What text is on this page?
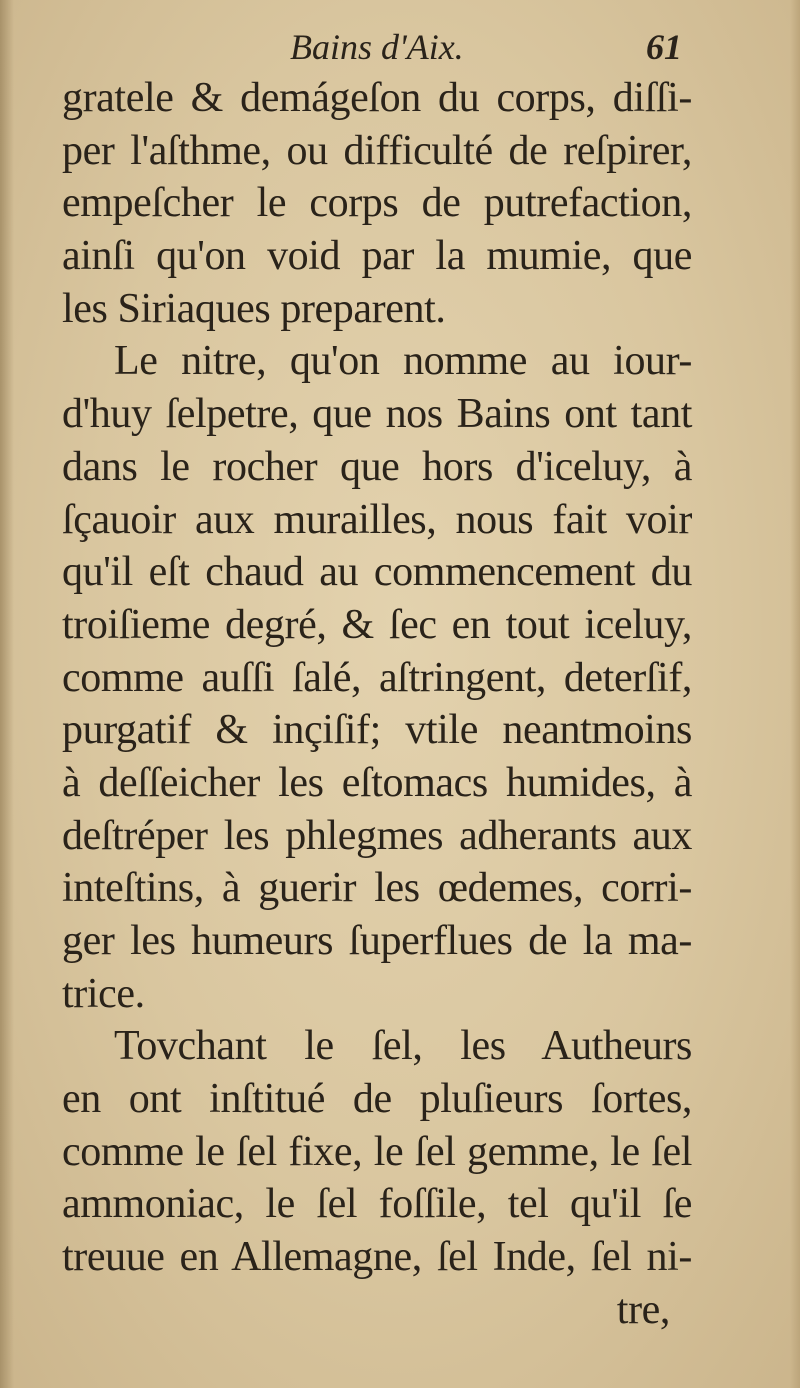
Bains d'Aix.	61
gratele & demágeſon du corps, diſſi-
per l'aſthme, ou difficulté de reſpirer,
empeſcher le corps de putrefaction,
ainſi qu'on void par la mumie, que
les Siriaques preparent.
Le nitre, qu'on nomme au iour-
d'huy ſelpetre, que nos Bains ont tant
dans le rocher que hors d'iceluy, à
ſçauoir aux murailles, nous fait voir
qu'il eſt chaud au commencement du
troiſieme degré, & ſec en tout iceluy,
comme auſſi ſalé, aſtringent, deterſif,
purgatif & inçiſif; vtile neantmoins
à deſſeicher les eſtomacs humides, à
deſtréper les phlegmes adherants aux
inteſtins, à guerir les œdemes, corri-
ger les humeurs ſuperflues de la ma-
trice.
Tovchant le ſel, les Autheurs
en ont inſtitué de pluſieurs ſortes,
comme le ſel fixe, le ſel gemme, le ſel
ammoniac, le ſel foſſile, tel qu'il ſe
treuue en Allemagne, ſel Inde, ſel ni-
tre,
